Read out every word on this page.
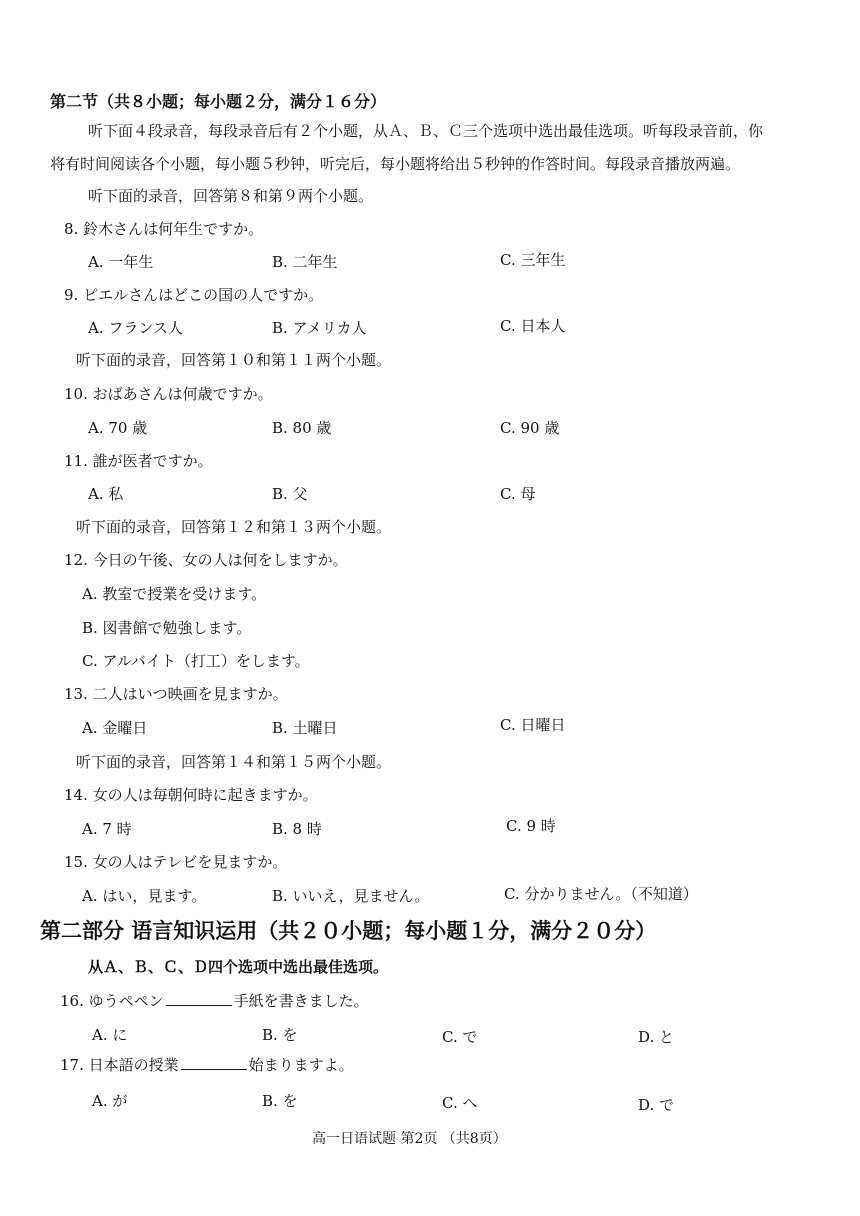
第二节（共８小题；每小题２分，满分１６分）
听下面４段录音，每段录音后有２个小题，从Ａ、Ｂ、Ｃ三个选项中选出最佳选项。听每段录音前，你
将有时间阅读各个小题，每小题５秒钟，听完后，每小题将给出５秒钟的作答时间。每段录音播放两遍。
听下面的录音，回答第８和第９两个小题。
8. 鈴木さんは何年生ですか。
A. 一年生	B. 二年生	C. 三年生
9. ピエルさんはどこの国の人ですか。
A. フランス人	B. アメリカ人	C. 日本人
听下面的录音，回答第１０和第１１两个小题。
10. おばあさんは何歳ですか。
A. 70 歳	B. 80 歳	C. 90 歳
11. 誰が医者ですか。
A. 私	B. 父	C. 母
听下面的录音，回答第１２和第１３两个小题。
12. 今日の午後、女の人は何をしますか。
A. 教室で授業を受けます。
B. 図書館で勉強します。
C. アルバイト（打工）をします。
13. 二人はいつ映画を見ますか。
A. 金曜日	B. 土曜日	C. 日曜日
听下面的录音，回答第１４和第１５两个小题。
14. 女の人は毎朝何時に起きますか。
A. 7 時	B. 8 時	C. 9 時
15. 女の人はテレビを見ますか。
A. はい，見ます。	B. いいえ，見ません。	C. 分かりません。（不知道）
第二部分 语言知识运用（共２０小题；每小题１分，满分２０分）
从Ａ、Ｂ、Ｃ、Ｄ四个选项中选出最佳选项。
16. ゆうペペン	手紙を書きました。
A. に	B. を	C. で	D. と
17. 日本語の授業	始まりますよ。
A. が	B. を	C. へ	D. で
高一日语试题 第2页 （共8页）
